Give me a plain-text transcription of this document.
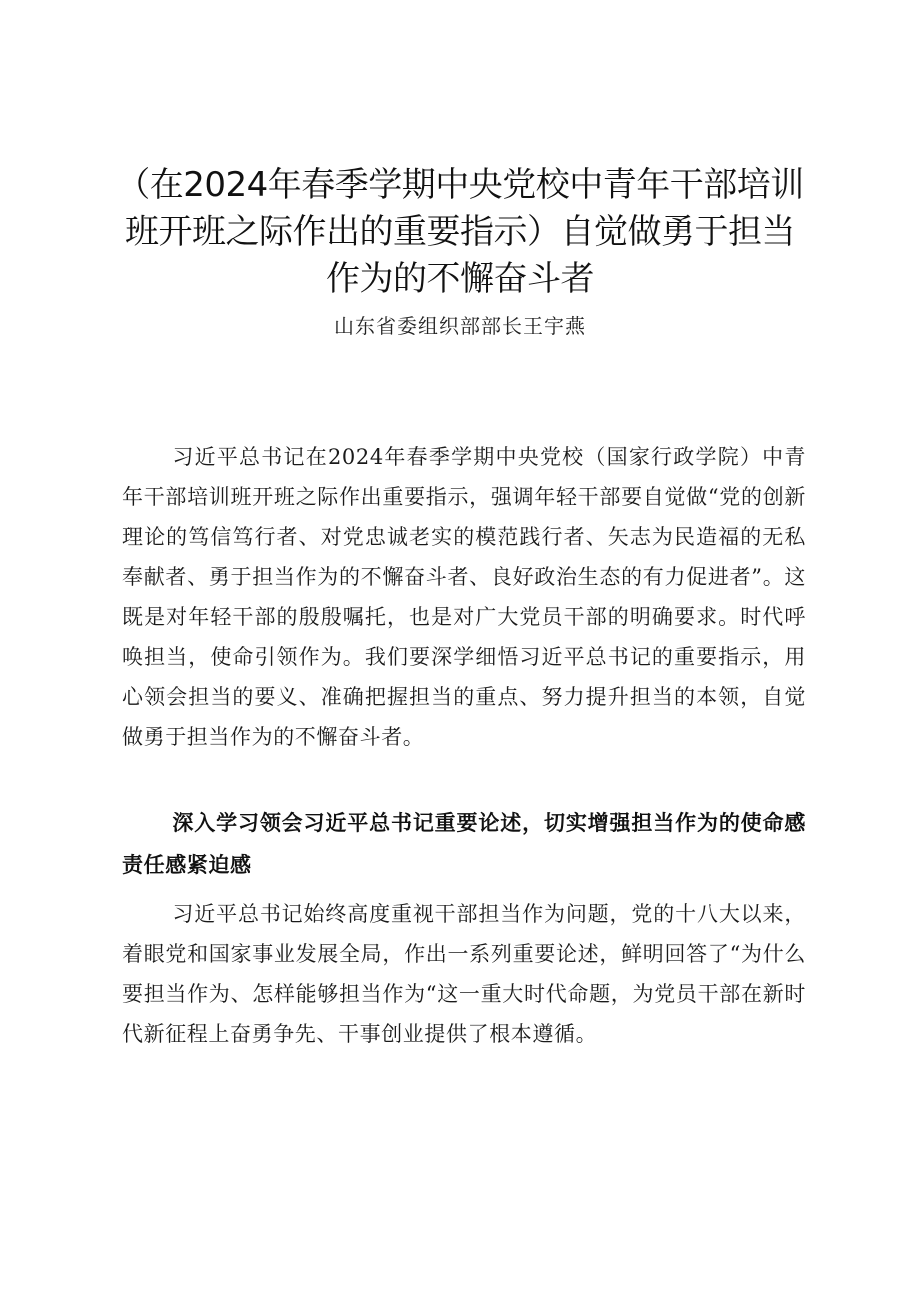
（在2024年春季学期中央党校中青年干部培训班开班之际作出的重要指示）自觉做勇于担当作为的不懈奋斗者

山东省委组织部部长王宇燕

习近平总书记在2024年春季学期中央党校（国家行政学院）中青年干部培训班开班之际作出重要指示，强调年轻干部要自觉做“党的创新理论的笃信笃行者、对党忠诚老实的模范践行者、矢志为民造福的无私奉献者、勇于担当作为的不懈奋斗者、良好政治生态的有力促进者”。这既是对年轻干部的殷殷嘱托，也是对广大党员干部的明确要求。时代呼唤担当，使命引领作为。我们要深学细悟习近平总书记的重要指示，用心领会担当的要义、准确把握担当的重点、努力提升担当的本领，自觉做勇于担当作为的不懈奋斗者。

深入学习领会习近平总书记重要论述，切实增强担当作为的使命感责任感紧迫感

习近平总书记始终高度重视干部担当作为问题，党的十八大以来，着眼党和国家事业发展全局，作出一系列重要论述，鲜明回答了“为什么要担当作为、怎样能够担当作为“这一重大时代命题，为党员干部在新时代新征程上奋勇争先、干事创业提供了根本遵循。
